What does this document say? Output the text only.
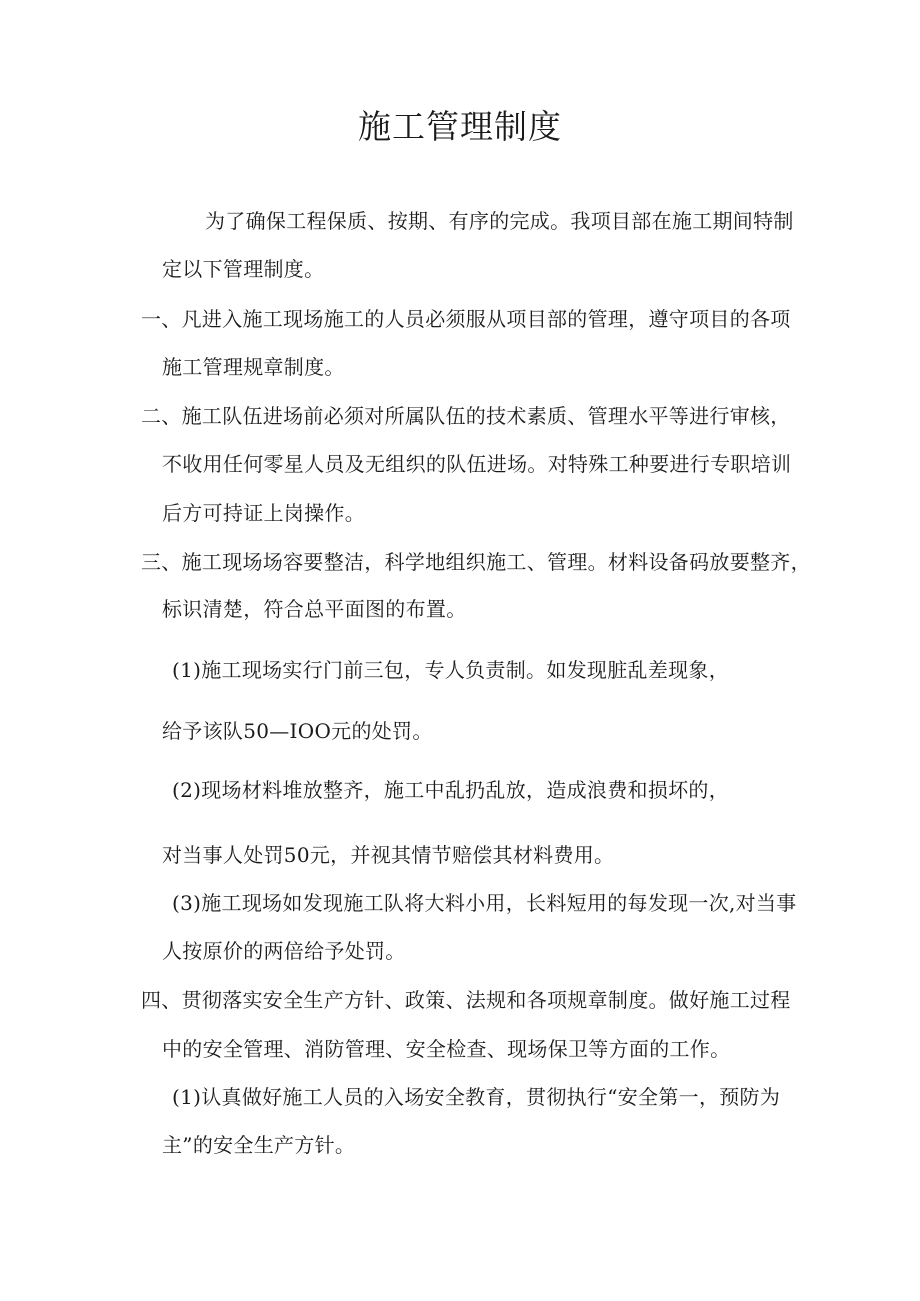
施工管理制度
为了确保工程保质、按期、有序的完成。我项目部在施工期间特制
定以下管理制度。
一、凡进入施工现场施工的人员必须服从项目部的管理，遵守项目的各项
施工管理规章制度。
二、施工队伍进场前必须对所属队伍的技术素质、管理水平等进行审核，
不收用任何零星人员及无组织的队伍进场。对特殊工种要进行专职培训
后方可持证上岗操作。
三、施工现场场容要整洁，科学地组织施工、管理。材料设备码放要整齐，
标识清楚，符合总平面图的布置。
(1)施工现场实行门前三包，专人负责制。如发现脏乱差现象，
给予该队50—IOO元的处罚。
(2)现场材料堆放整齐，施工中乱扔乱放，造成浪费和损坏的，
对当事人处罚50元，并视其情节赔偿其材料费用。
(3)施工现场如发现施工队将大料小用，长料短用的每发现一次,对当事
人按原价的两倍给予处罚。
四、贯彻落实安全生产方针、政策、法规和各项规章制度。做好施工过程
中的安全管理、消防管理、安全检查、现场保卫等方面的工作。
(1)认真做好施工人员的入场安全教育，贯彻执行“安全第一，预防为
主”的安全生产方针。
